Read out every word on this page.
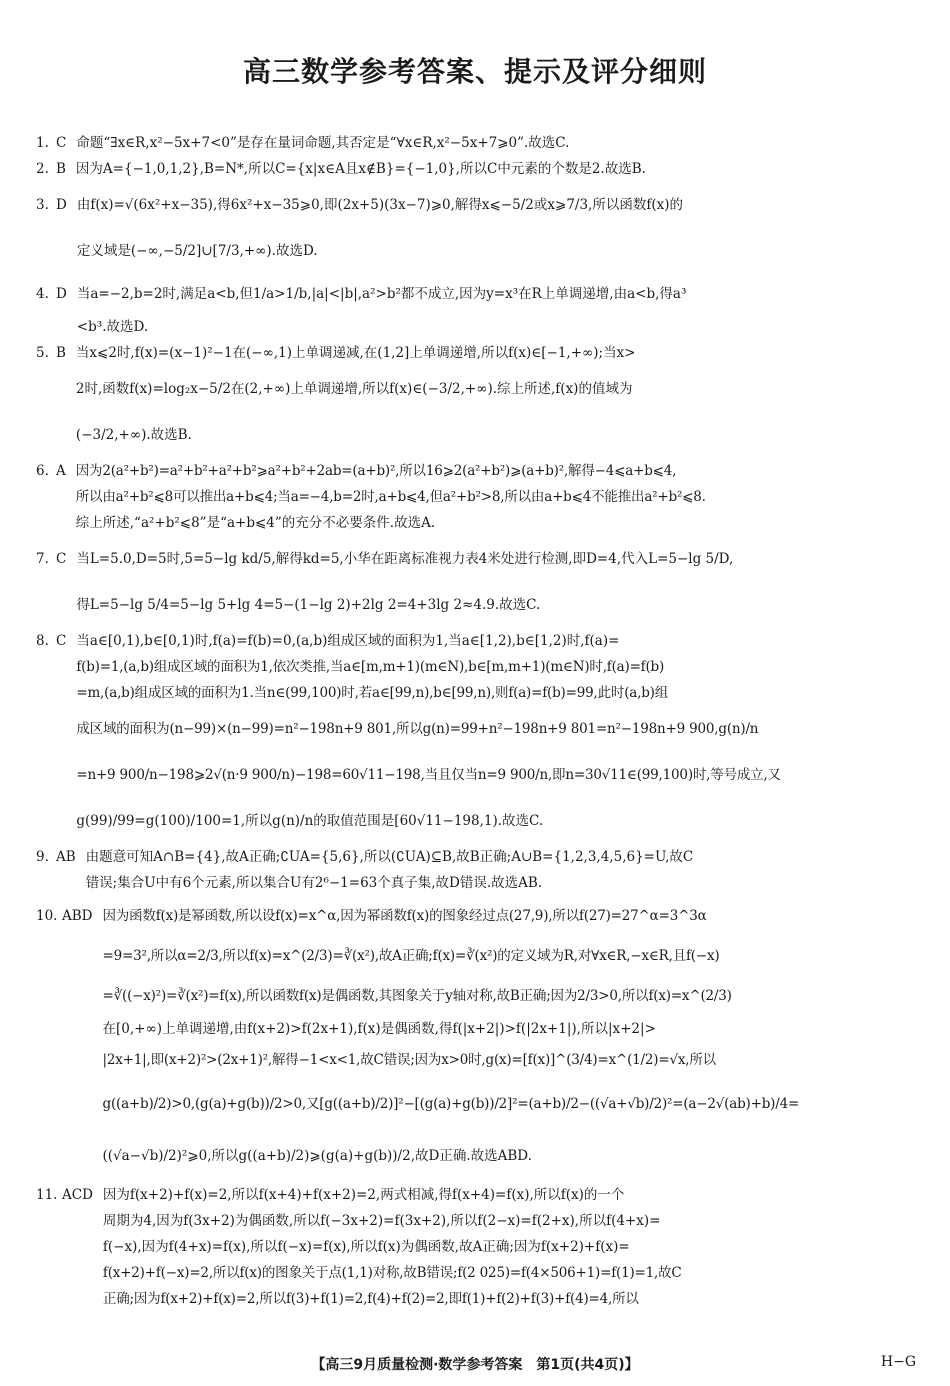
高三数学参考答案、提示及评分细则
1. C 命题“∃x∈R,x²−5x+7<0”是存在量词命题,其否定是“∀x∈R,x²−5x+7⩾0”.故选C.
2. B 因为A={−1,0,1,2},B=N*,所以C={x|x∈A且x∉B}={−1,0},所以C中元素的个数是2.故选B.
3. D 由f(x)=√(6x²+x−35),得6x²+x−35⩾0,即(2x+5)(3x−7)⩾0,解得x⩽−5/2或x⩾7/3,所以函数f(x)的
定义域是(−∞,−5/2]∪[7/3,+∞).故选D.
4. D 当a=−2,b=2时,满足a<b,但1/a>1/b,|a|<|b|,a²>b²都不成立,因为y=x³在R上单调递增,由a<b,得a³
<b³.故选D.
5. B 当x⩽2时,f(x)=(x−1)²−1在(−∞,1)上单调递减,在(1,2]上单调递增,所以f(x)∈[−1,+∞);当x>
2时,函数f(x)=log₂x−5/2在(2,+∞)上单调递增,所以f(x)∈(−3/2,+∞).综上所述,f(x)的值域为
(−3/2,+∞).故选B.
6. A 因为2(a²+b²)=a²+b²+a²+b²⩾a²+b²+2ab=(a+b)²,所以16⩾2(a²+b²)⩾(a+b)²,解得−4⩽a+b⩽4,
所以由a²+b²⩽8可以推出a+b⩽4;当a=−4,b=2时,a+b⩽4,但a²+b²>8,所以由a+b⩽4不能推出a²+b²⩽8.
综上所述,“a²+b²⩽8”是“a+b⩽4”的充分不必要条件.故选A.
7. C 当L=5.0,D=5时,5=5−lg kd/5,解得kd=5,小华在距离标准视力表4米处进行检测,即D=4,代入L=5−lg 5/D,
得L=5−lg 5/4=5−lg 5+lg 4=5−(1−lg 2)+2lg 2=4+3lg 2≈4.9.故选C.
8. C 当a∈[0,1),b∈[0,1)时,f(a)=f(b)=0,(a,b)组成区域的面积为1,当a∈[1,2),b∈[1,2)时,f(a)=
f(b)=1,(a,b)组成区域的面积为1,依次类推,当a∈[m,m+1)(m∈N),b∈[m,m+1)(m∈N)时,f(a)=f(b)
=m,(a,b)组成区域的面积为1.当n∈(99,100)时,若a∈[99,n),b∈[99,n),则f(a)=f(b)=99,此时(a,b)组
成区域的面积为(n−99)×(n−99)=n²−198n+9 801,所以g(n)=99+n²−198n+9 801=n²−198n+9 900,g(n)/n
=n+9 900/n−198⩾2√(n·9 900/n)−198=60√11−198,当且仅当n=9 900/n,即n=30√11∈(99,100)时,等号成立,又
g(99)/99=g(100)/100=1,所以g(n)/n的取值范围是[60√11−198,1).故选C.
9. AB 由题意可知A∩B={4},故A正确;∁UA={5,6},所以(∁UA)⊆B,故B正确;A∪B={1,2,3,4,5,6}=U,故C
错误;集合U中有6个元素,所以集合U有2⁶−1=63个真子集,故D错误.故选AB.
10. ABD 因为函数f(x)是幂函数,所以设f(x)=x^α,因为幂函数f(x)的图象经过点(27,9),所以f(27)=27^α=3^3α
=9=3²,所以α=2/3,所以f(x)=x^(2/3)=∛(x²),故A正确;f(x)=∛(x²)的定义域为R,对∀x∈R,−x∈R,且f(−x)
=∛((−x)²)=∛(x²)=f(x),所以函数f(x)是偶函数,其图象关于y轴对称,故B正确;因为2/3>0,所以f(x)=x^(2/3)
在[0,+∞)上单调递增,由f(x+2)>f(2x+1),f(x)是偶函数,得f(|x+2|)>f(|2x+1|),所以|x+2|>
|2x+1|,即(x+2)²>(2x+1)²,解得−1<x<1,故C错误;因为x>0时,g(x)=[f(x)]^(3/4)=x^(1/2)=√x,所以
g((a+b)/2)>0,(g(a)+g(b))/2>0,又[g((a+b)/2)]²−[(g(a)+g(b))/2]²=(a+b)/2−((√a+√b)/2)²=(a−2√(ab)+b)/4=
((√a−√b)/2)²⩾0,所以g((a+b)/2)⩾(g(a)+g(b))/2,故D正确.故选ABD.
11. ACD 因为f(x+2)+f(x)=2,所以f(x+4)+f(x+2)=2,两式相减,得f(x+4)=f(x),所以f(x)的一个
周期为4,因为f(3x+2)为偶函数,所以f(−3x+2)=f(3x+2),所以f(2−x)=f(2+x),所以f(4+x)=
f(−x),因为f(4+x)=f(x),所以f(−x)=f(x),所以f(x)为偶函数,故A正确;因为f(x+2)+f(x)=
f(x+2)+f(−x)=2,所以f(x)的图象关于点(1,1)对称,故B错误;f(2 025)=f(4×506+1)=f(1)=1,故C
正确;因为f(x+2)+f(x)=2,所以f(3)+f(1)=2,f(4)+f(2)=2,即f(1)+f(2)+f(3)+f(4)=4,所以
【高三9月质量检测·数学参考答案　第1页(共4页)】	H−G
